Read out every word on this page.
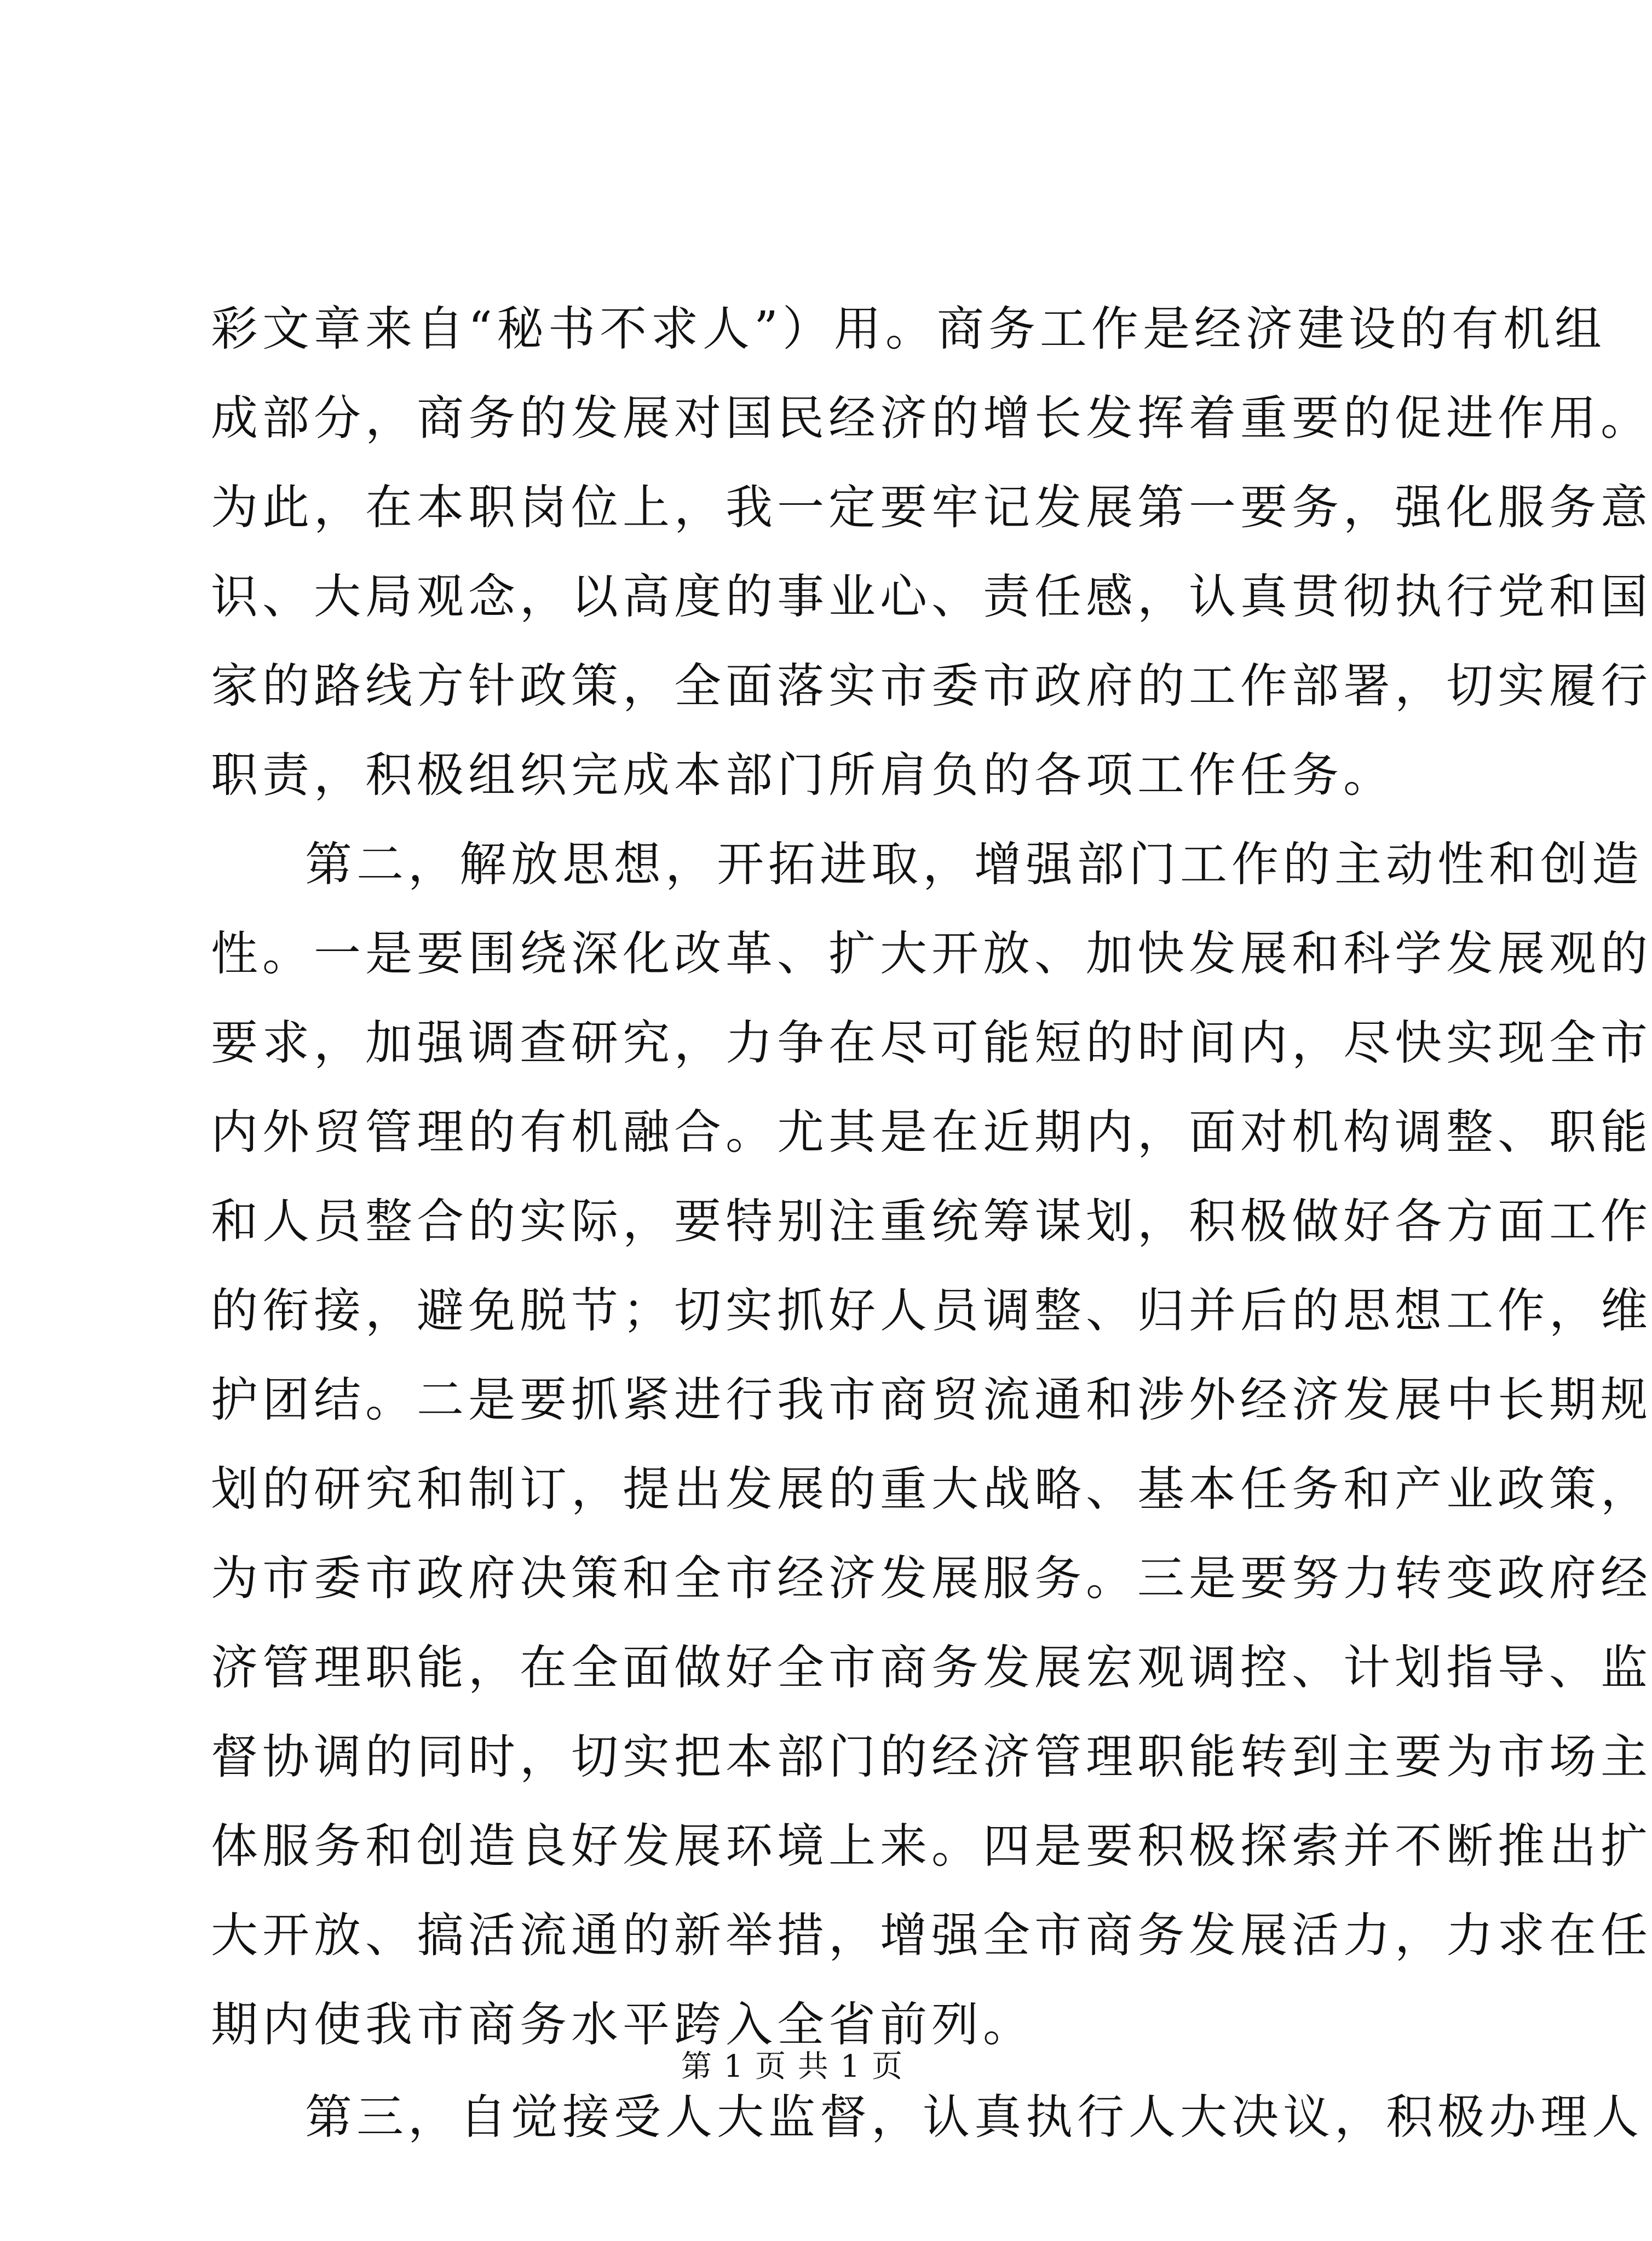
彩文章来自“秘书不求人”）用。商务工作是经济建设的有机组
成部分，商务的发展对国民经济的增长发挥着重要的促进作用。
为此，在本职岗位上，我一定要牢记发展第一要务，强化服务意
识、大局观念，以高度的事业心、责任感，认真贯彻执行党和国
家的路线方针政策，全面落实市委市政府的工作部署，切实履行
职责，积极组织完成本部门所肩负的各项工作任务。
第二，解放思想，开拓进取，增强部门工作的主动性和创造
性。一是要围绕深化改革、扩大开放、加快发展和科学发展观的
要求，加强调查研究，力争在尽可能短的时间内，尽快实现全市
内外贸管理的有机融合。尤其是在近期内，面对机构调整、职能
和人员整合的实际，要特别注重统筹谋划，积极做好各方面工作
的衔接，避免脱节；切实抓好人员调整、归并后的思想工作，维
护团结。二是要抓紧进行我市商贸流通和涉外经济发展中长期规
划的研究和制订，提出发展的重大战略、基本任务和产业政策，
为市委市政府决策和全市经济发展服务。三是要努力转变政府经
济管理职能，在全面做好全市商务发展宏观调控、计划指导、监
督协调的同时，切实把本部门的经济管理职能转到主要为市场主
体服务和创造良好发展环境上来。四是要积极探索并不断推出扩
大开放、搞活流通的新举措，增强全市商务发展活力，力求在任
期内使我市商务水平跨入全省前列。
第三，自觉接受人大监督，认真执行人大决议，积极办理人
第 1 页 共 1 页
